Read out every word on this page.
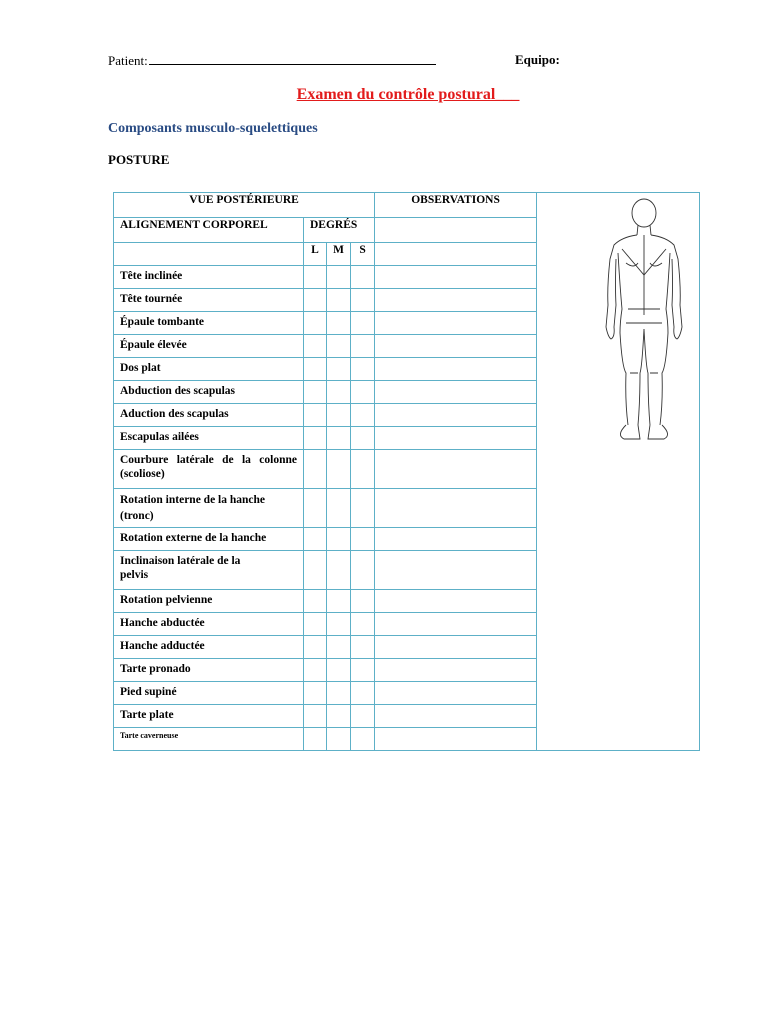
Patient:	Equipo:
Examen du contrôle postural___
Composants musculo-squelettiques
POSTURE
VUE POSTÉRIEURE				OBSERVATIONS	

ALIGNEMENT CORPOREL	DEGRÉS				
	L	M	S		
Tête inclinée					
Tête tournée					
Épaule tombante					
Épaule élevée					
Dos plat					
Abduction des scapulas					
Aduction des scapulas					
Escapulas ailées					
Courbure latérale de la colonne (scoliose)					
Rotation interne de la hanche (tronc)					
Rotation externe de la hanche					
Inclinaison latérale de la pelvis					
Rotation pelvienne					
Hanche abductée					
Hanche adductée					
Tarte pronado					
Pied supiné					
Tarte plate					
Tarte caverneuse					
